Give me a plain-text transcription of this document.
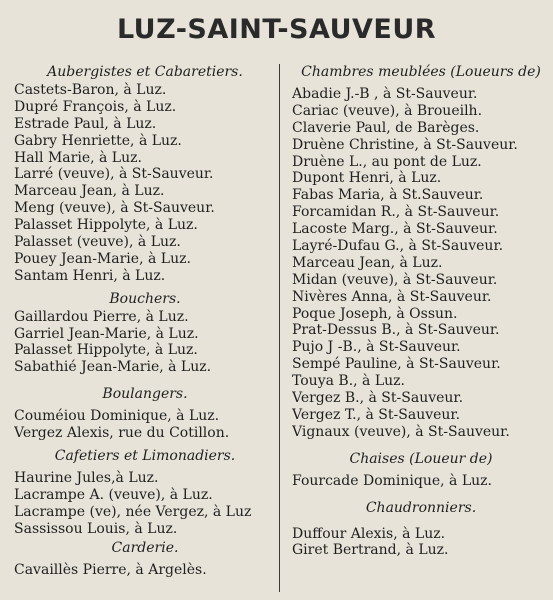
LUZ-SAINT-SAUVEUR
Aubergistes et Cabaretiers.
Castets-Baron, à Luz.
Dupré François, à Luz.
Estrade Paul, à Luz.
Gabry Henriette, à Luz.
Hall Marie, à Luz.
Larré (veuve), à St-Sauveur.
Marceau Jean, à Luz.
Meng (veuve), à St-Sauveur.
Palasset Hippolyte, à Luz.
Palasset (veuve), à Luz.
Pouey Jean-Marie, à Luz.
Santam Henri, à Luz.
Bouchers.
Gaillardou Pierre, à Luz.
Garriel Jean-Marie, à Luz.
Palasset Hippolyte, à Luz.
Sabathié Jean-Marie, à Luz.
Boulangers.
Couméiou Dominique, à Luz.
Vergez Alexis, rue du Cotillon.
Cafetiers et Limonadiers.
Haurine Jules,à Luz.
Lacrampe A. (veuve), à Luz.
Lacrampe (ve), née Vergez, à Luz
Sassissou Louis, à Luz.
Carderie.
Cavaillès Pierre, à Argelès.
Chambres meublées (Loueurs de)
Abadie J.-B , à St-Sauveur.
Cariac (veuve), à Broueilh.
Claverie Paul, de Barèges.
Druène Christine, à St-Sauveur.
Druène L., au pont de Luz.
Dupont Henri, à Luz.
Fabas Maria, à St.Sauveur.
Forcamidan R., à St-Sauveur.
Lacoste Marg., à St-Sauveur.
Layré-Dufau G., à St-Sauveur.
Marceau Jean, à Luz.
Midan (veuve), à St-Sauveur.
Nivères Anna, à St-Sauveur.
Poque Joseph, à Ossun.
Prat-Dessus B., à St-Sauveur.
Pujo J -B., à St-Sauveur.
Sempé Pauline, à St-Sauveur.
Touya B., à Luz.
Vergez B., à St-Sauveur.
Vergez T., à St-Sauveur.
Vignaux (veuve), à St-Sauveur.
Chaises (Loueur de)
Fourcade Dominique, à Luz.
Chaudronniers.
Duffour Alexis, à Luz.
Giret Bertrand, à Luz.
